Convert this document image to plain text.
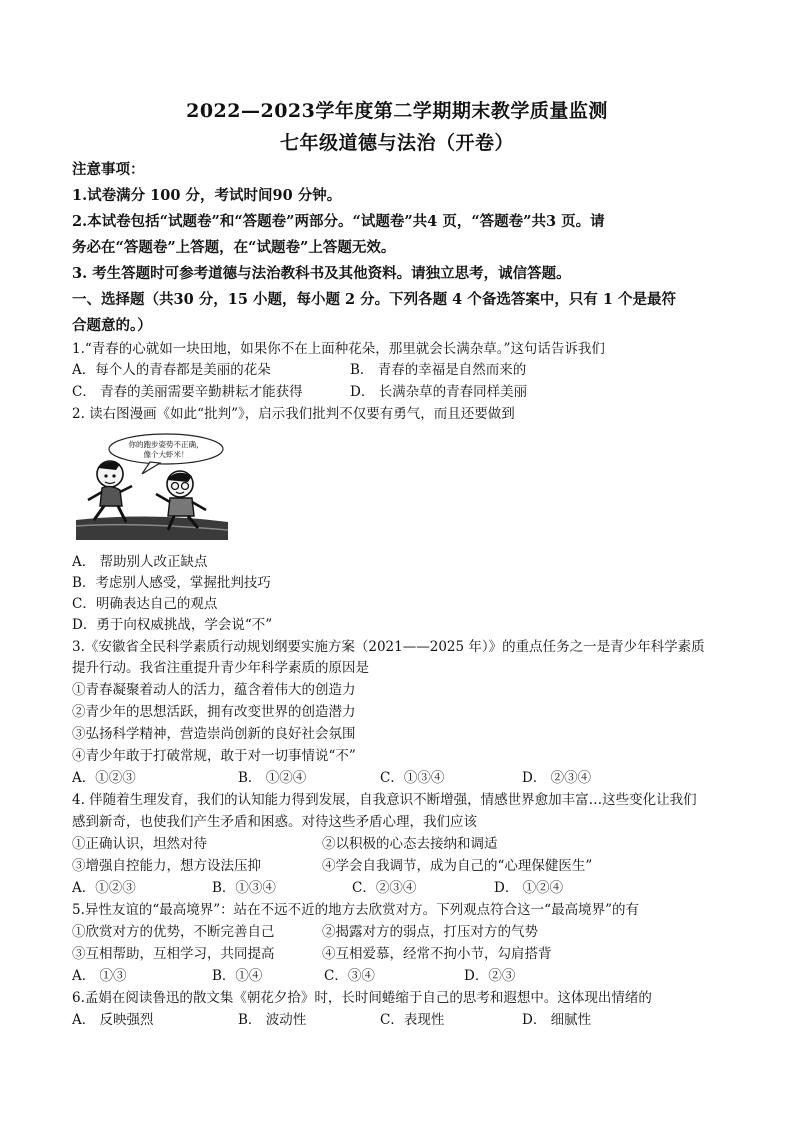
2022—2023学年度第二学期期末教学质量监测
七年级道德与法治（开卷）
注意事项：
1.试卷满分 100 分，考试时间90 分钟。
2.本试卷包括“试题卷”和“答题卷”两部分。“试题卷”共4 页，“答题卷”共3 页。请
务必在“答题卷”上答题，在“试题卷”上答题无效。
3. 考生答题时可参考道德与法治教科书及其他资料。请独立思考，诚信答题。
一、选择题（共30 分，15 小题，每小题 2 分。下列各题 4 个备选答案中，只有 1 个是最符
合题意的。）
1.“青春的心就如一块田地，如果你不在上面种花朵，那里就会长满杂草。”这句话告诉我们
A．每个人的青春都是美丽的花朵	B． 青春的幸福是自然而来的
C． 青春的美丽需要辛勤耕耘才能获得	D． 长满杂草的青春同样美丽
2. 读右图漫画《如此“批判”》，启示我们批判不仅要有勇气，而且还要做到
你的跑步姿势不正确，
像个大虾米！
A． 帮助别人改正缺点
B．考虑别人感受，掌握批判技巧
C．明确表达自己的观点
D．勇于向权威挑战，学会说“不”
3.《安徽省全民科学素质行动规划纲要实施方案（2021——2025 年）》的重点任务之一是青少年科学素质
提升行动。我省注重提升青少年科学素质的原因是
①青春凝聚着动人的活力，蕴含着伟大的创造力
②青少年的思想活跃，拥有改变世界的创造潜力
③弘扬科学精神，营造崇尚创新的良好社会氛围
④青少年敢于打破常规，敢于对一切事情说“不”
A．①②③	B． ①②④	C．①③④	D． ②③④
4. 伴随着生理发育，我们的认知能力得到发展，自我意识不断增强，情感世界愈加丰富…这些变化让我们
感到新奇，也使我们产生矛盾和困惑。对待这些矛盾心理，我们应该
①正确认识，坦然对待	②以积极的心态去接纳和调适
③增强自控能力，想方设法压抑	④学会自我调节，成为自己的“心理保健医生”
A．①②③	B．①③④	C．②③④	D． ①②④
5.异性友谊的“最高境界”：站在不远不近的地方去欣赏对方。下列观点符合这一“最高境界”的有
①欣赏对方的优势，不断完善自己	②揭露对方的弱点，打压对方的气势
③互相帮助，互相学习，共同提高	④互相爱慕，经常不拘小节，勾肩搭背
A． ①③	B．①④	C．③④	D．②③
6.孟娟在阅读鲁迅的散文集《朝花夕拾》时，长时间蜷缩于自己的思考和遐想中。这体现出情绪的
A． 反映强烈	B． 波动性	C．表现性	D． 细腻性
